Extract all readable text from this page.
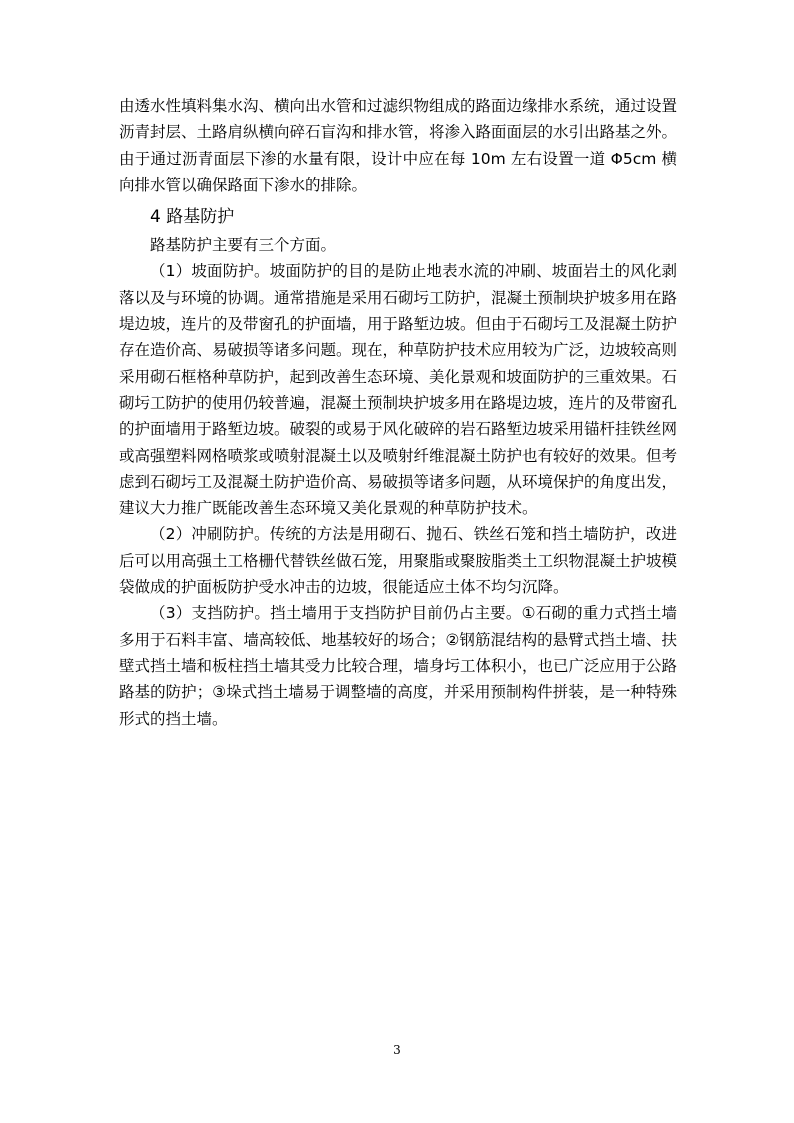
由透水性填料集水沟、横向出水管和过滤织物组成的路面边缘排水系统，通过设置沥青封层、土路肩纵横向碎石盲沟和排水管，将渗入路面面层的水引出路基之外。由于通过沥青面层下渗的水量有限，设计中应在每 10m 左右设置一道 Φ5cm 横向排水管以确保路面下渗水的排除。

4 路基防护

路基防护主要有三个方面。

（1）坡面防护。坡面防护的目的是防止地表水流的冲刷、坡面岩土的风化剥落以及与环境的协调。通常措施是采用石砌圬工防护，混凝土预制块护坡多用在路堤边坡，连片的及带窗孔的护面墙，用于路堑边坡。但由于石砌圬工及混凝土防护存在造价高、易破损等诸多问题。现在，种草防护技术应用较为广泛，边坡较高则采用砌石框格种草防护，起到改善生态环境、美化景观和坡面防护的三重效果。石砌圬工防护的使用仍较普遍，混凝土预制块护坡多用在路堤边坡，连片的及带窗孔的护面墙用于路堑边坡。破裂的或易于风化破碎的岩石路堑边坡采用锚杆挂铁丝网或高强塑料网格喷浆或喷射混凝土以及喷射纤维混凝土防护也有较好的效果。但考虑到石砌圬工及混凝土防护造价高、易破损等诸多问题，从环境保护的角度出发，建议大力推广既能改善生态环境又美化景观的种草防护技术。

（2）冲刷防护。传统的方法是用砌石、抛石、铁丝石笼和挡土墙防护，改进后可以用高强土工格栅代替铁丝做石笼，用聚脂或聚胺脂类土工织物混凝土护坡模袋做成的护面板防护受水冲击的边坡，很能适应土体不均匀沉降。

（3）支挡防护。挡土墙用于支挡防护目前仍占主要。①石砌的重力式挡土墙多用于石料丰富、墙高较低、地基较好的场合；②钢筋混结构的悬臂式挡土墙、扶壁式挡土墙和板柱挡土墙其受力比较合理，墙身圬工体积小，也已广泛应用于公路路基的防护；③垛式挡土墙易于调整墙的高度，并采用预制构件拼装，是一种特殊形式的挡土墙。

3
